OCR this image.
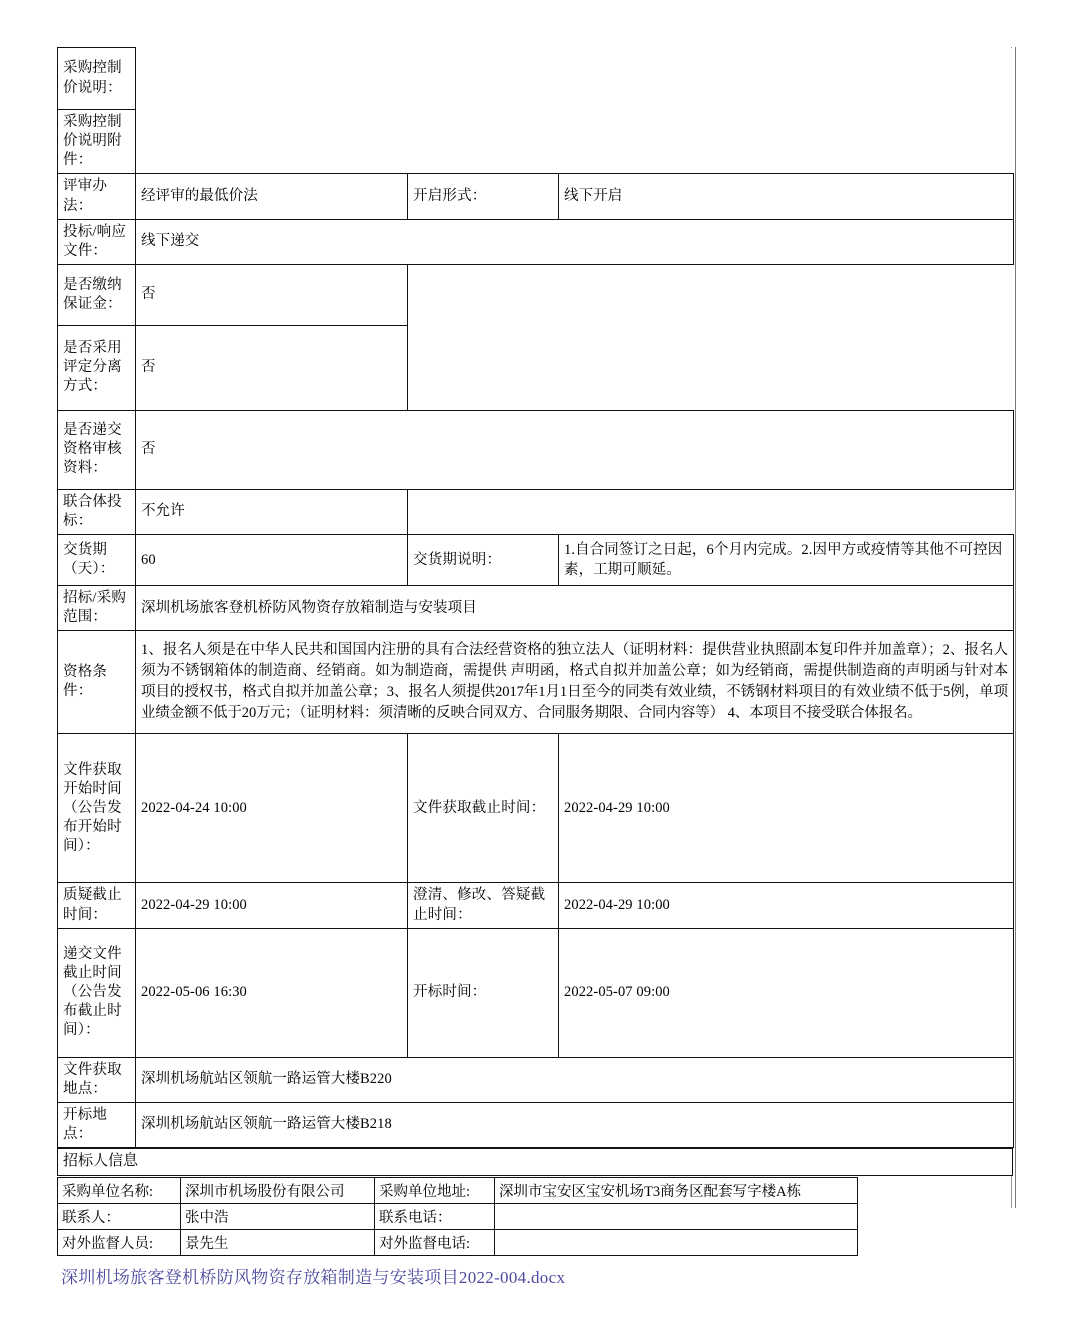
采购控制价说明：			
采购控制价说明附件：			
评审办法：	经评审的最低价法	开启形式：	线下开启
投标/响应文件：	线下递交		
是否缴纳保证金：	否		
是否采用评定分离方式：	否		
是否递交资格审核资料：	否		
联合体投标：	不允许		
交货期（天）：	60	交货期说明：	1.自合同签订之日起，6个月内完成。2.因甲方或疫情等其他不可控因素，工期可顺延。
招标/采购范围：	深圳机场旅客登机桥防风物资存放箱制造与安装项目		
资格条件：	1、报名人须是在中华人民共和国国内注册的具有合法经营资格的独立法人（证明材料：提供营业执照副本复印件并加盖章）；2、报名人须为不锈钢箱体的制造商、经销商。如为制造商，需提供 声明函，格式自拟并加盖公章；如为经销商，需提供制造商的声明函与针对本项目的授权书，格式自拟并加盖公章；3、报名人须提供2017年1月1日至今的同类有效业绩，不锈钢材料项目的有效业绩不低于5例，单项业绩金额不低于20万元；（证明材料：须清晰的反映合同双方、合同服务期限、合同内容等） 4、本项目不接受联合体报名。		
文件获取开始时间（公告发布开始时间）：	2022-04-24 10:00	文件获取截止时间：	2022-04-29 10:00
质疑截止时间：	2022-04-29 10:00	澄清、修改、答疑截止时间：	2022-04-29 10:00
递交文件截止时间（公告发布截止时间）：	2022-05-06 16:30	开标时间：	2022-05-07 09:00
文件获取地点：	深圳机场航站区领航一路运管大楼B220		
开标地点：	深圳机场航站区领航一路运管大楼B218		
招标人信息
采购单位名称:	深圳市机场股份有限公司	采购单位地址:	深圳市宝安区宝安机场T3商务区配套写字楼A栋
联系人：	张中浩	联系电话：	
对外监督人员:	景先生	对外监督电话:	
深圳机场旅客登机桥防风物资存放箱制造与安装项目2022-004.docx
